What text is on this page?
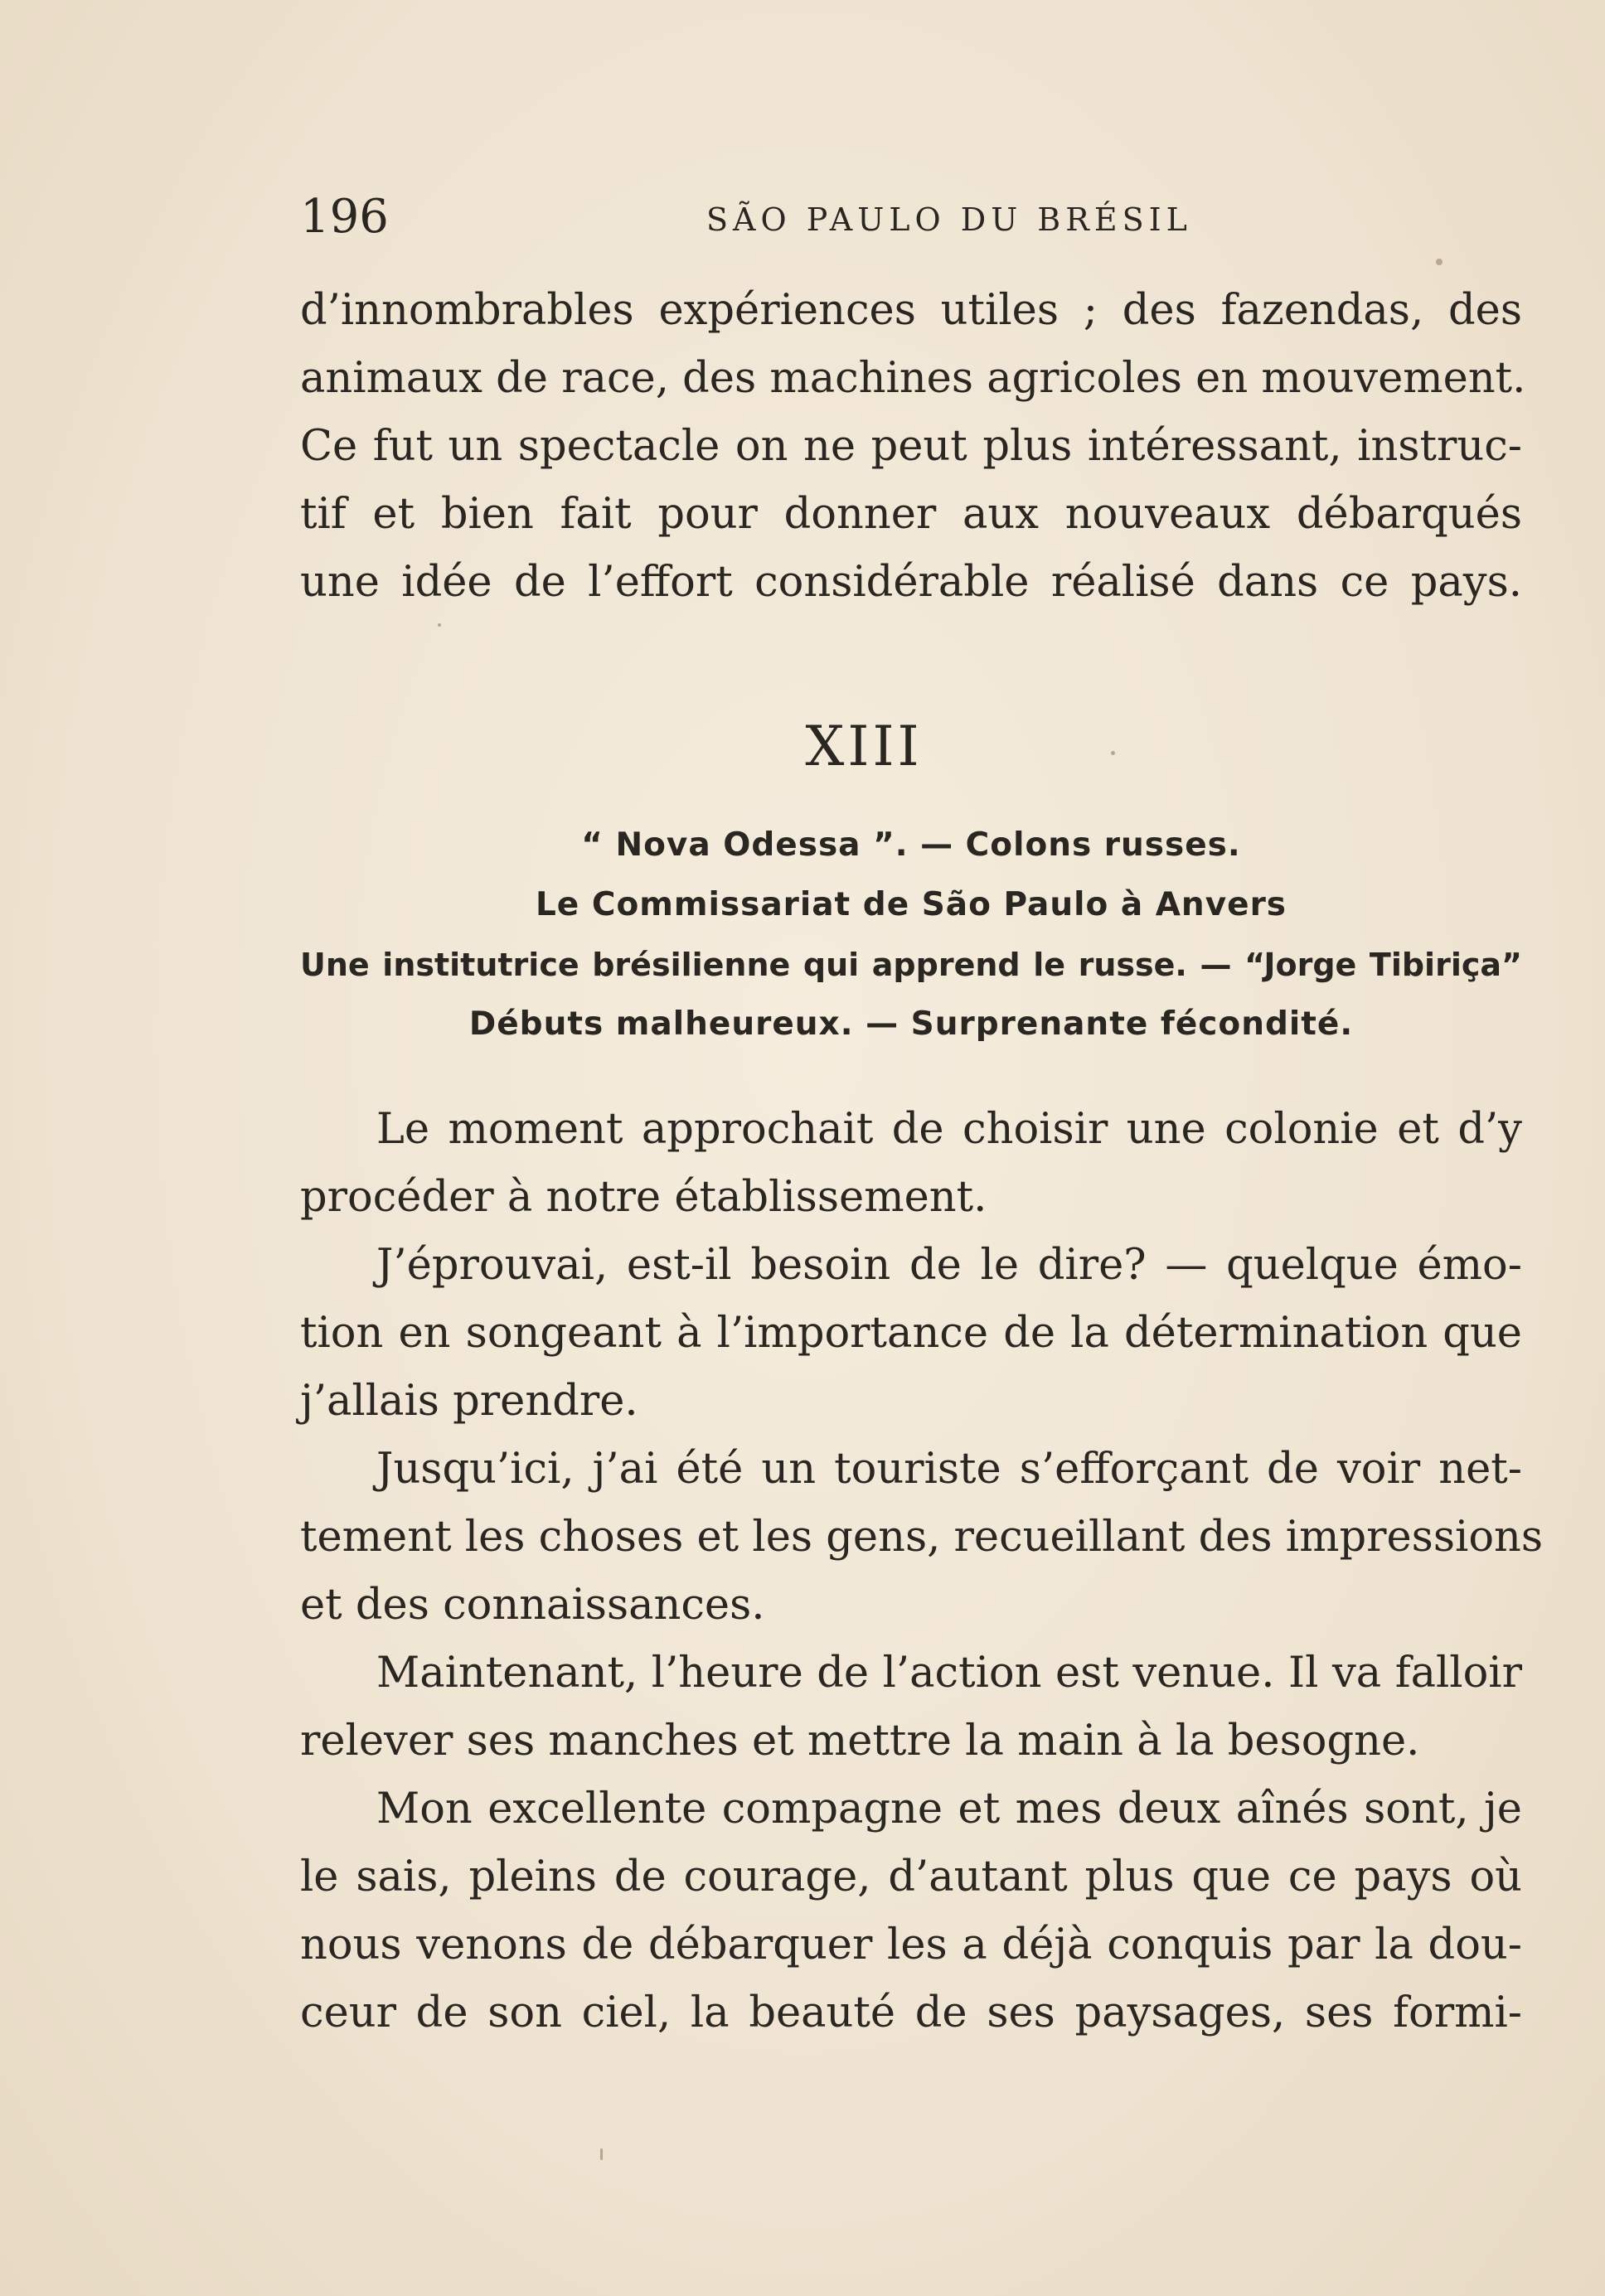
196	SÃO PAULO DU BRÉSIL
d’innombrables expériences utiles ; des fazendas, des
animaux de race, des machines agricoles en mouvement.
Ce fut un spectacle on ne peut plus intéressant, instruc-
tif et bien fait pour donner aux nouveaux débarqués
une idée de l’effort considérable réalisé dans ce pays.
XIII
“ Nova Odessa ”. — Colons russes.
Le Commissariat de São Paulo à Anvers
Une institutrice brésilienne qui apprend le russe. — “Jorge Tibiriça”
Débuts malheureux. — Surprenante fécondité.
Le moment approchait de choisir une colonie et d’y
procéder à notre établissement.
J’éprouvai, est-il besoin de le dire? — quelque émo-
tion en songeant à l’importance de la détermination que
j’allais prendre.
Jusqu’ici, j’ai été un touriste s’efforçant de voir net-
tement les choses et les gens, recueillant des impressions
et des connaissances.
Maintenant, l’heure de l’action est venue. Il va falloir
relever ses manches et mettre la main à la besogne.
Mon excellente compagne et mes deux aînés sont, je
le sais, pleins de courage, d’autant plus que ce pays où
nous venons de débarquer les a déjà conquis par la dou-
ceur de son ciel, la beauté de ses paysages, ses formi-
